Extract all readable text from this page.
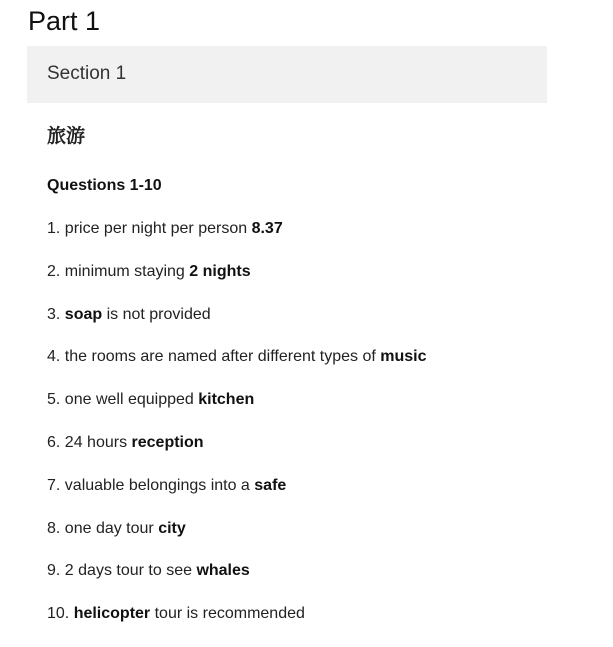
Part 1
Section 1
旅游
Questions 1-10
1. price per night per person 8.37
2. minimum staying 2 nights
3. soap is not provided
4. the rooms are named after different types of music
5. one well equipped kitchen
6. 24 hours reception
7. valuable belongings into a safe
8. one day tour city
9. 2 days tour to see whales
10. helicopter tour is recommended
